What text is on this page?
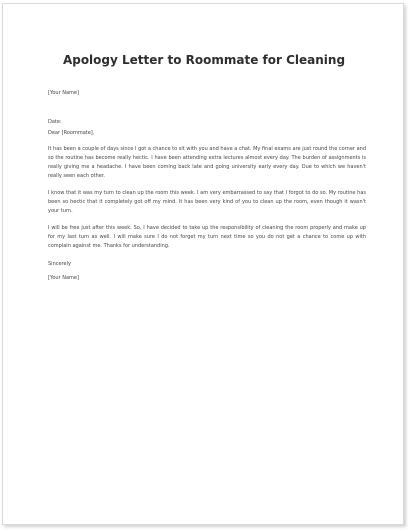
Apology Letter to Roommate for Cleaning
[Your Name]
Date:
Dear [Roommate],

It has been a couple of days since I got a chance to sit with you and have a chat. My final exams are just round the corner and so the routine has become really hectic. I have been attending extra lectures almost every day. The burden of assignments is really giving me a headache. I have been coming back late and going university early every day. Due to which we haven't really seen each other.

I know that it was my turn to clean up the room this week. I am very embarrassed to say that I forgot to do so. My routine has been so hectic that it completely got off my mind. It has been very kind of you to clean up the room, even though it wasn't your turn.

I will be free just after this week. So, I have decided to take up the responsibility of cleaning the room properly and make up for my last turn as well. I will make sure I do not forget my turn next time so you do not get a chance to come up with complain against me. Thanks for understanding.

Sincerely
[Your Name]
